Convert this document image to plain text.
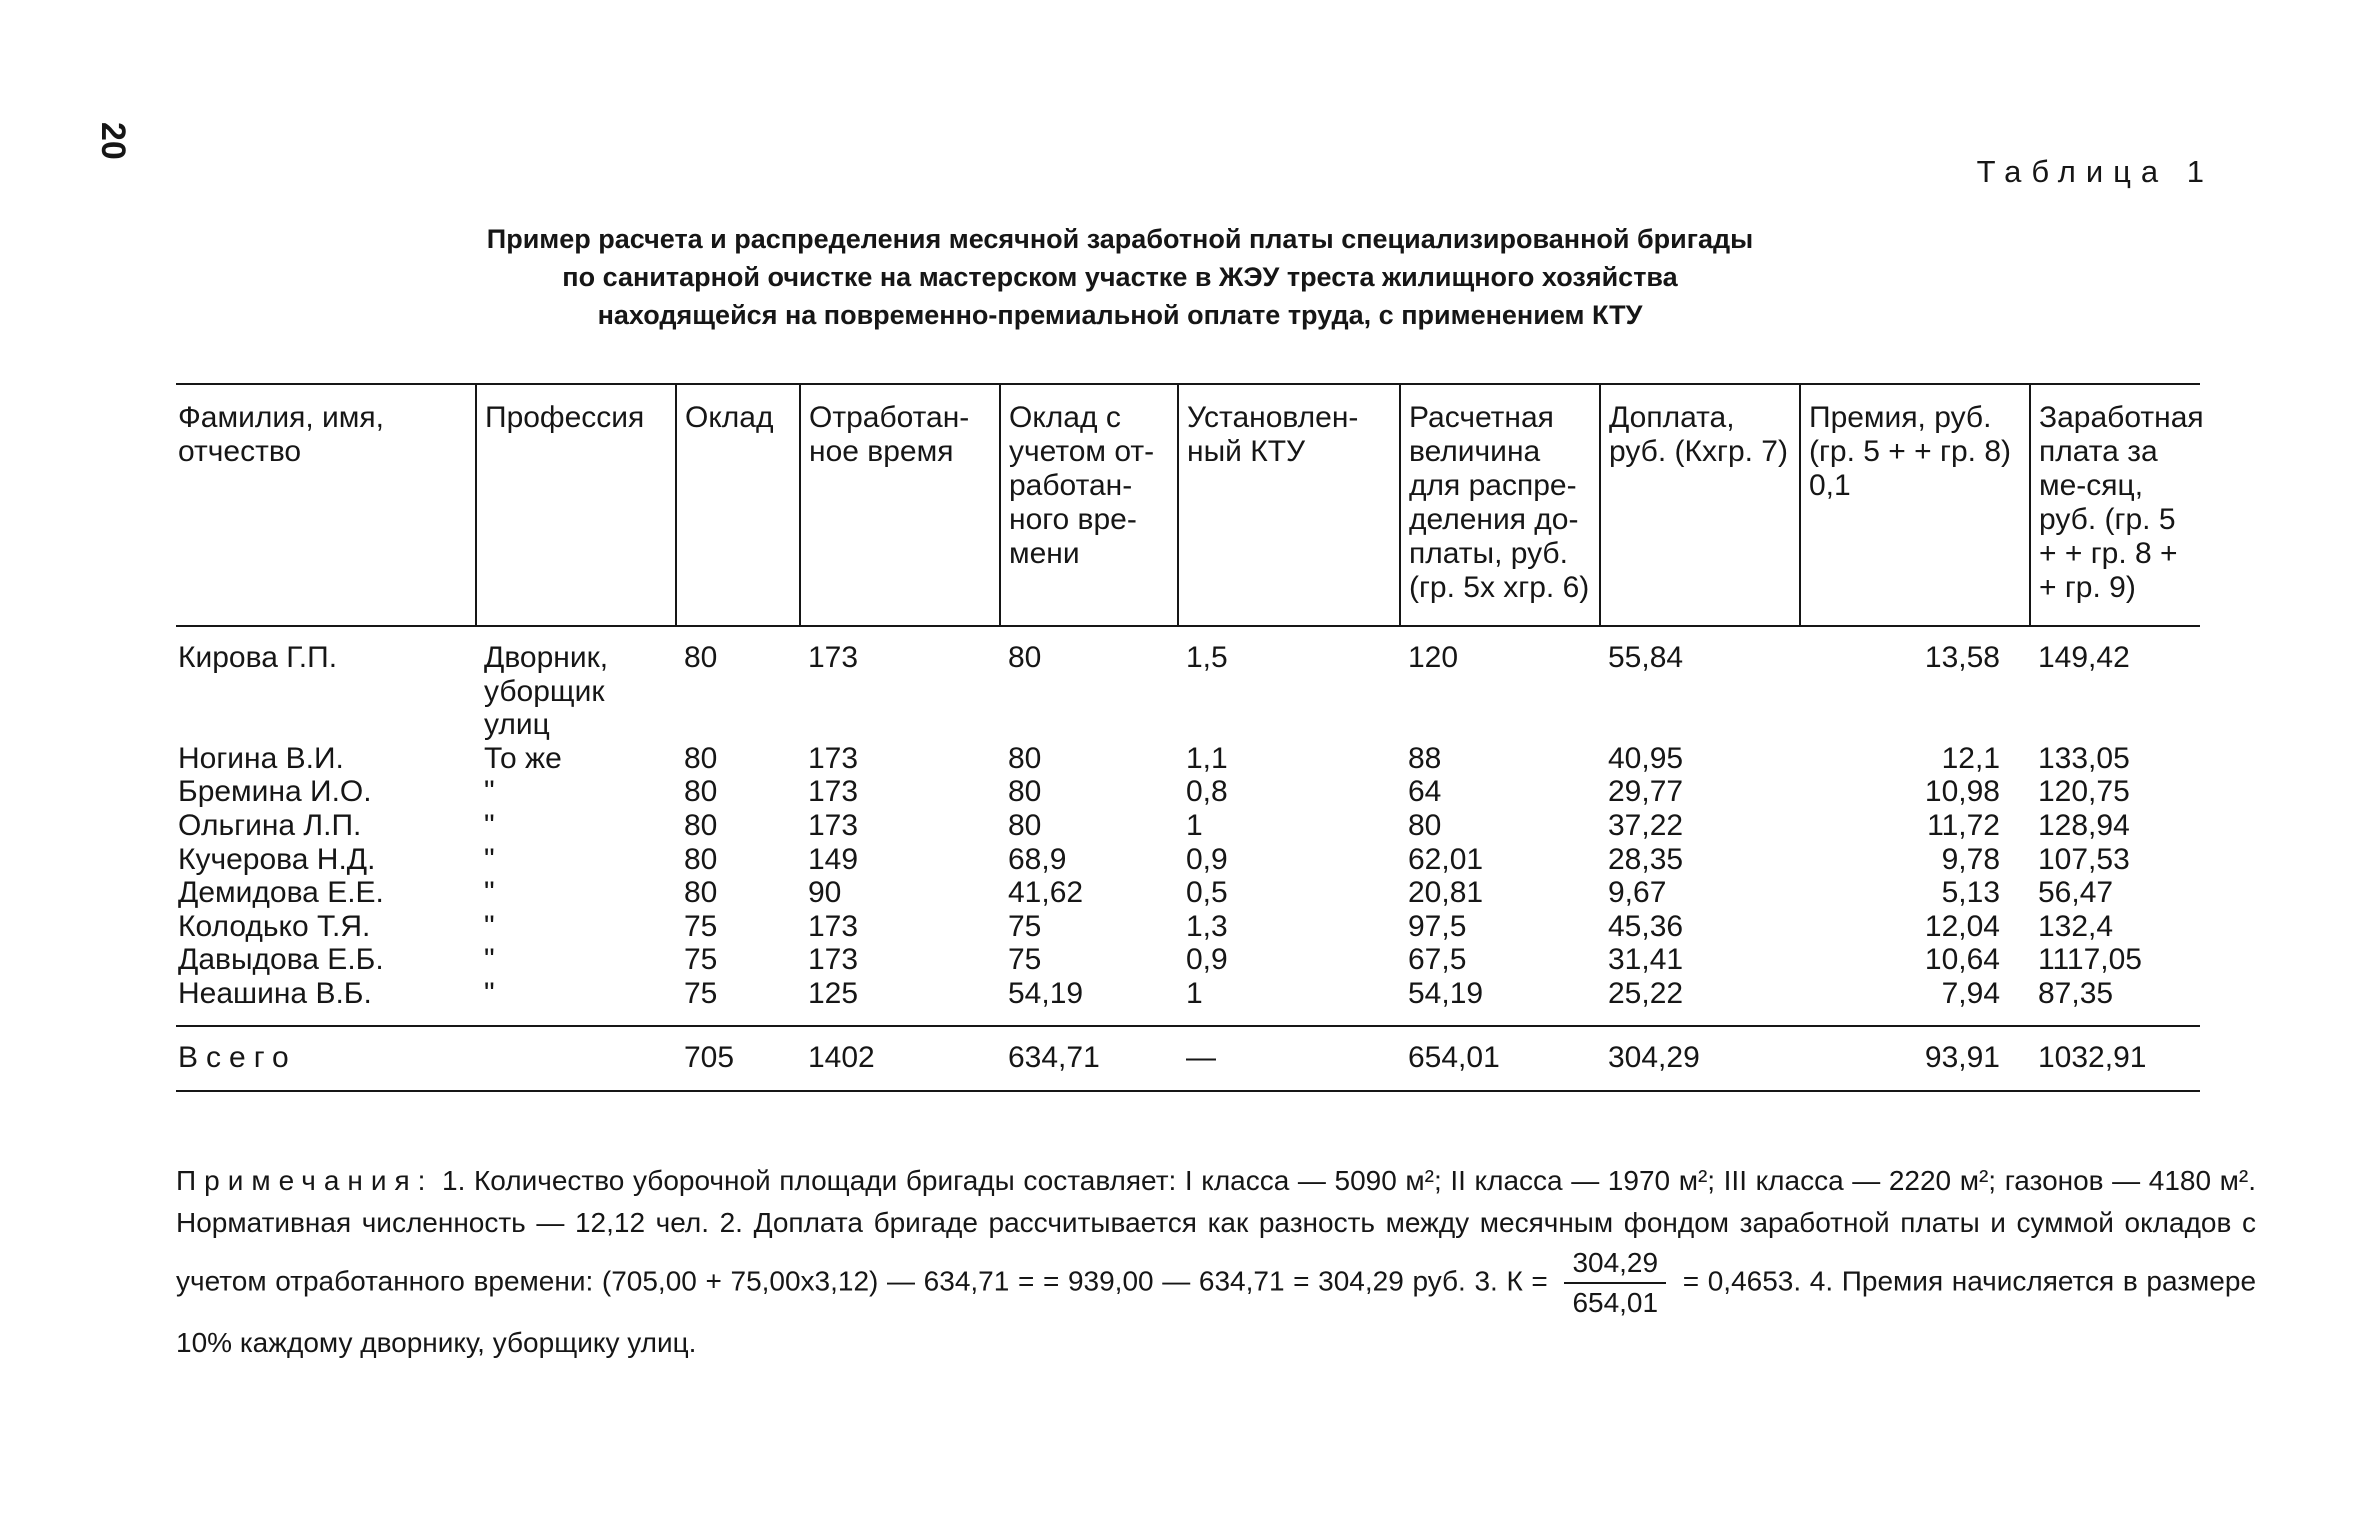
20
Таблица 1
Пример расчета и распределения месячной заработной платы специализированной бригады
по санитарной очистке на мастерском участке в ЖЭУ треста жилищного хозяйства
находящейся на повременно-премиальной оплате труда, с применением КТУ
Фамилия, имя, отчество	Профессия	Оклад	Отработан-ное время	Оклад с учетом от-работан-ного вре-мени	Установлен-ный КТУ	Расчетная величина для распре-деления до-платы, руб. (гр. 5х хгр. 6)	Доплата, руб. (Кхгр. 7)	Премия, руб. (гр. 5 + + гр. 8) 0,1	Заработная плата за ме-сяц, руб. (гр. 5 + + гр. 8 + + гр. 9)
Кирова Г.П.	Дворник, уборщик улиц	80	173	80	1,5	120	55,84	13,58	149,42
Ногина В.И.	То же	80	173	80	1,1	88	40,95	12,1	133,05
Бремина И.О.	"	80	173	80	0,8	64	29,77	10,98	120,75
Ольгина Л.П.	"	80	173	80	1	80	37,22	11,72	128,94
Кучерова Н.Д.	"	80	149	68,9	0,9	62,01	28,35	9,78	107,53
Демидова Е.Е.	"	80	90	41,62	0,5	20,81	9,67	5,13	56,47
Колодько Т.Я.	"	75	173	75	1,3	97,5	45,36	12,04	132,4
Давыдова Е.Б.	"	75	173	75	0,9	67,5	31,41	10,64	1117,05
Неашина В.Б.	"	75	125	54,19	1	54,19	25,22	7,94	87,35
Всего		705	1402	634,71	—	654,01	304,29	93,91	1032,91
Примечания: 1. Количество уборочной площади бригады составляет: I класса — 5090 м²; II класса — 1970 м²; III класса — 2220 м²; газонов — 4180 м². Нормативная численность — 12,12 чел. 2. Доплата бригаде рассчитывается как разность между месячным фондом заработной платы и суммой окладов с учетом отработанного времени: (705,00 + 75,00х3,12) — 634,71 = = 939,00 — 634,71 = 304,29 руб. 3. $К = \frac{304,29}{654,01} = 0,4653$. 4. Премия начисляется в размере 10% каждому дворнику, уборщику улиц.
